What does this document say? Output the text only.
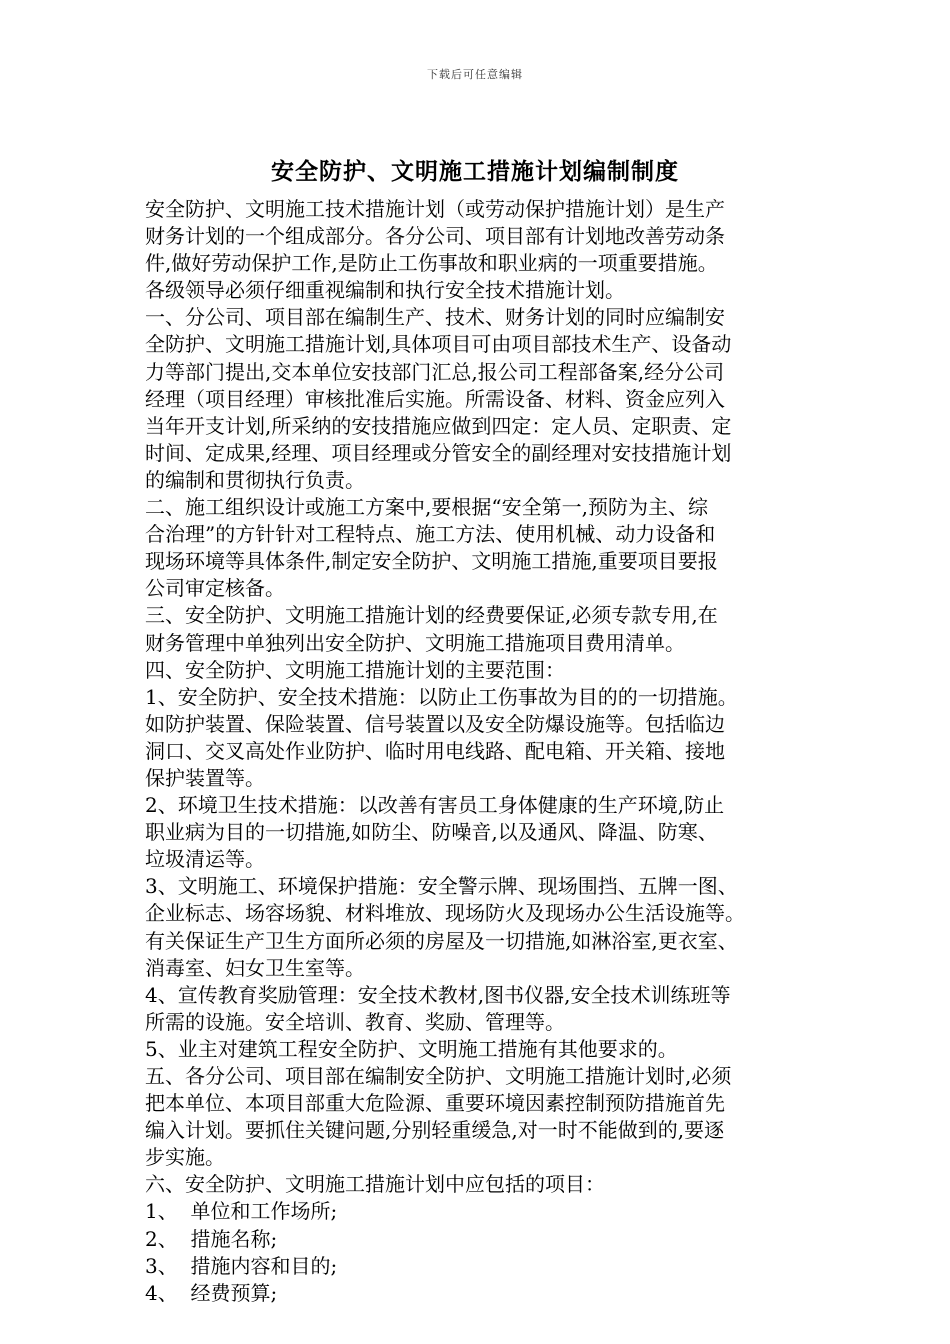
下载后可任意编辑
安全防护、文明施工措施计划编制制度
安全防护、文明施工技术措施计划（或劳动保护措施计划）是生产
财务计划的一个组成部分。各分公司、项目部有计划地改善劳动条
件,做好劳动保护工作,是防止工伤事故和职业病的一项重要措施。
各级领导必须仔细重视编制和执行安全技术措施计划。
一、分公司、项目部在编制生产、技术、财务计划的同时应编制安
全防护、文明施工措施计划,具体项目可由项目部技术生产、设备动
力等部门提出,交本单位安技部门汇总,报公司工程部备案,经分公司
经理（项目经理）审核批准后实施。所需设备、材料、资金应列入
当年开支计划,所采纳的安技措施应做到四定：定人员、定职责、定
时间、定成果,经理、项目经理或分管安全的副经理对安技措施计划
的编制和贯彻执行负责。
二、施工组织设计或施工方案中,要根据“安全第一,预防为主、综
合治理”的方针针对工程特点、施工方法、使用机械、动力设备和
现场环境等具体条件,制定安全防护、文明施工措施,重要项目要报
公司审定核备。
三、安全防护、文明施工措施计划的经费要保证,必须专款专用,在
财务管理中单独列出安全防护、文明施工措施项目费用清单。
四、安全防护、文明施工措施计划的主要范围：
1、安全防护、安全技术措施：以防止工伤事故为目的的一切措施。
如防护装置、保险装置、信号装置以及安全防爆设施等。包括临边
洞口、交叉高处作业防护、临时用电线路、配电箱、开关箱、接地
保护装置等。
2、环境卫生技术措施：以改善有害员工身体健康的生产环境,防止
职业病为目的一切措施,如防尘、防噪音,以及通风、降温、防寒、
垃圾清运等。
3、文明施工、环境保护措施：安全警示牌、现场围挡、五牌一图、
企业标志、场容场貌、材料堆放、现场防火及现场办公生活设施等。
有关保证生产卫生方面所必须的房屋及一切措施,如淋浴室,更衣室、
消毒室、妇女卫生室等。
4、宣传教育奖励管理：安全技术教材,图书仪器,安全技术训练班等
所需的设施。安全培训、教育、奖励、管理等。
5、业主对建筑工程安全防护、文明施工措施有其他要求的。
五、各分公司、项目部在编制安全防护、文明施工措施计划时,必须
把本单位、本项目部重大危险源、重要环境因素控制预防措施首先
编入计划。要抓住关键问题,分别轻重缓急,对一时不能做到的,要逐
步实施。
六、安全防护、文明施工措施计划中应包括的项目：
1、  单位和工作场所;
2、  措施名称;
3、  措施内容和目的;
4、  经费预算;
